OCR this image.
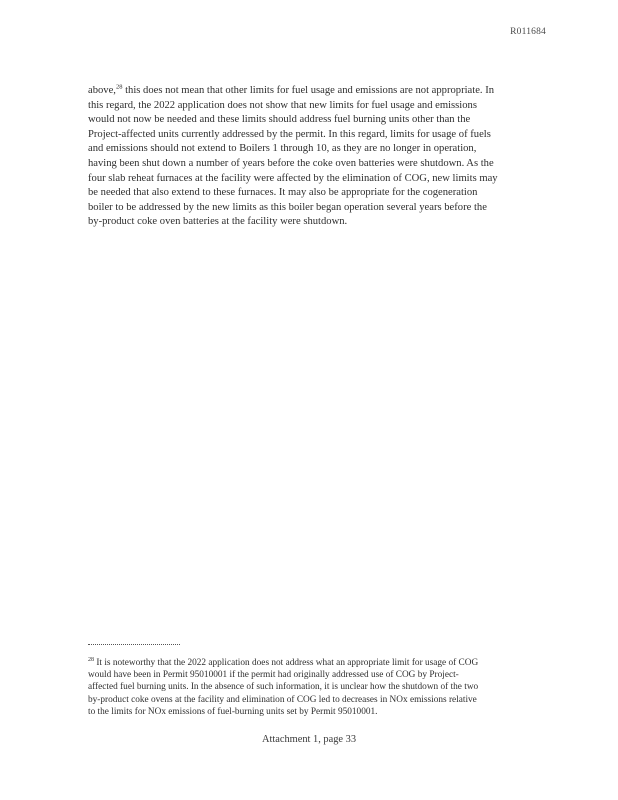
R011684
above,$^{28}$ this does not mean that other limits for fuel usage and emissions are not appropriate. In
this regard, the 2022 application does not show that new limits for fuel usage and emissions
would not now be needed and these limits should address fuel burning units other than the
Project-affected units currently addressed by the permit. In this regard, limits for usage of fuels
and emissions should not extend to Boilers 1 through 10, as they are no longer in operation,
having been shut down a number of years before the coke oven batteries were shutdown. As the
four slab reheat furnaces at the facility were affected by the elimination of COG, new limits may
be needed that also extend to these furnaces. It may also be appropriate for the cogeneration
boiler to be addressed by the new limits as this boiler began operation several years before the
by-product coke oven batteries at the facility were shutdown.
$^{28}$ It is noteworthy that the 2022 application does not address what an appropriate limit for usage of COG
would have been in Permit 95010001 if the permit had originally addressed use of COG by Project-
affected fuel burning units. In the absence of such information, it is unclear how the shutdown of the two
by-product coke ovens at the facility and elimination of COG led to decreases in NOx emissions relative
to the limits for NOx emissions of fuel-burning units set by Permit 95010001.
Attachment 1, page 33
